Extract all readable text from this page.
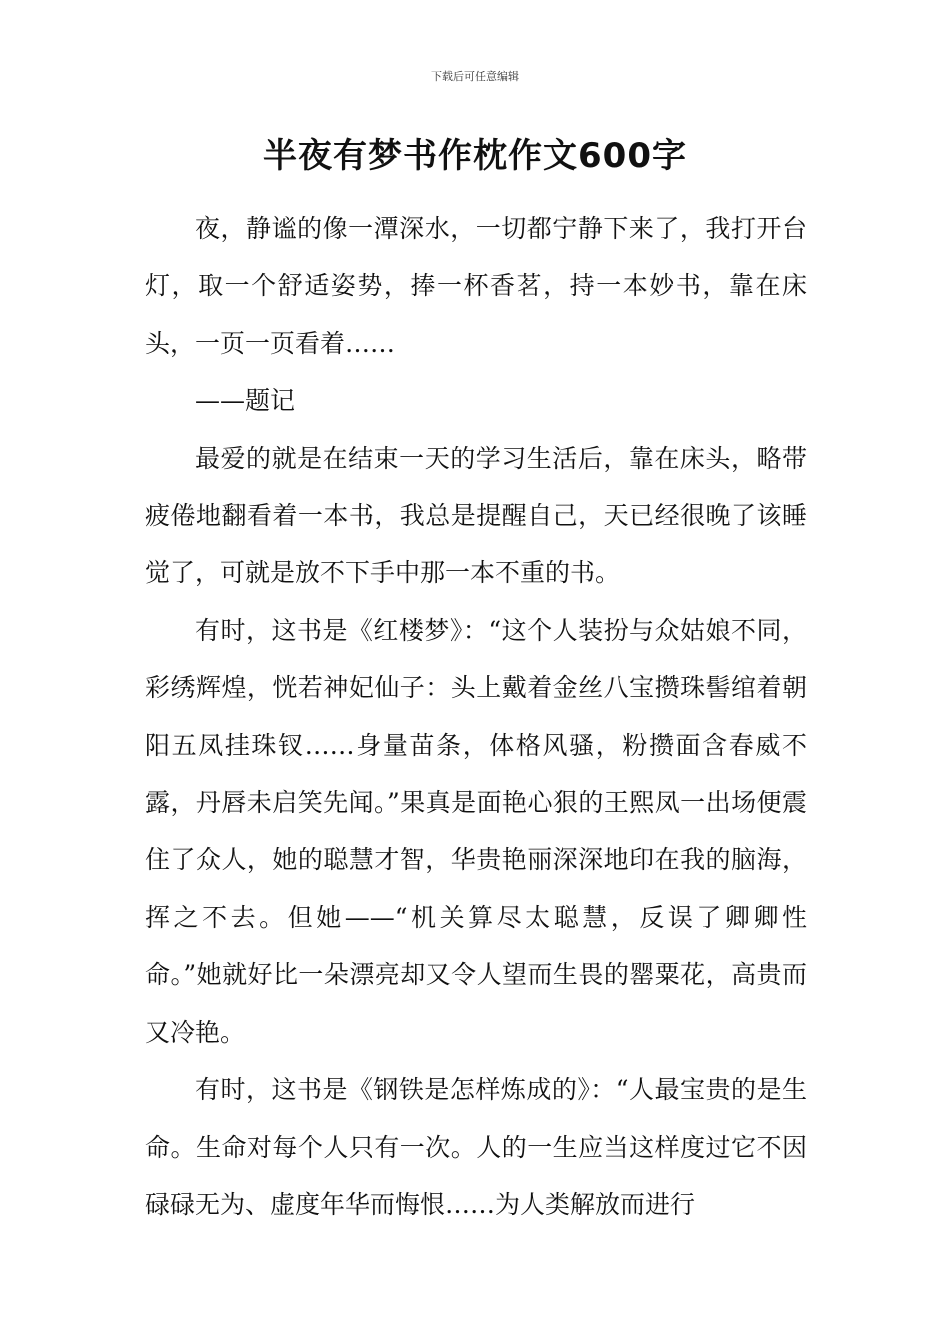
下载后可任意编辑
半夜有梦书作枕作文600字

夜，静谧的像一潭深水，一切都宁静下来了，我打开台灯，取一个舒适姿势，捧一杯香茗，持一本妙书，靠在床头，一页一页看着……

——题记

最爱的就是在结束一天的学习生活后，靠在床头，略带疲倦地翻看着一本书，我总是提醒自己，天已经很晚了该睡觉了，可就是放不下手中那一本不重的书。

有时，这书是《红楼梦》：“这个人装扮与众姑娘不同，彩绣辉煌，恍若神妃仙子：头上戴着金丝八宝攒珠髻绾着朝阳五凤挂珠钗……身量苗条，体格风骚，粉攒面含春威不露，丹唇未启笑先闻。”果真是面艳心狠的王熙凤一出场便震住了众人，她的聪慧才智，华贵艳丽深深地印在我的脑海，挥之不去。但她——“机关算尽太聪慧，反误了卿卿性命。”她就好比一朵漂亮却又令人望而生畏的罂粟花，高贵而又冷艳。

有时，这书是《钢铁是怎样炼成的》：“人最宝贵的是生命。生命对每个人只有一次。人的一生应当这样度过它不因碌碌无为、虚度年华而悔恨……为人类解放而进行
